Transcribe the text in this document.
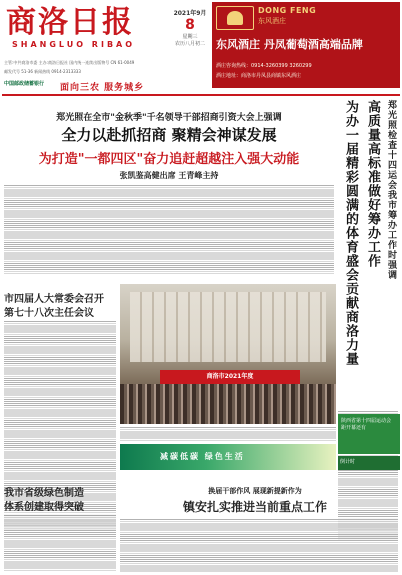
商洛日报
SHANGLUO RIBAO
2021年9月
8
星期三
农历八月初二
DONG FENG
东风酒庄
东风酒庄 丹凤葡萄酒高端品牌
酒庄咨询热线：0914-3260399 3260299
酒庄地址：商洛市丹凤县商镇东风酒庄
主管:中共商洛市委 主办:商洛日报社 国内统一连续出版物号 CN 61-0049
邮发代号 51-36 新闻热线 0914-2313333
中国邮政储蓄银行	面向三农 服务城乡
郑光照在全市"金秋季"千名领导干部招商引资大会上强调
全力以赴抓招商 聚精会神谋发展
为打造"一都四区"奋力追赶超越注入强大动能
张凯鉴高健出席 王青峰主持	郑光照检查十四运会我市筹办工作时强调
高质量高标准做好筹办工作
为办一届精彩圆满的体育盛会贡献商洛力量
市四届人大常委会召开
第七十八次主任会议
商洛市2021年度
减碳低碳 绿色生活
陕西省第十四届运动会
距开幕还有
倒计时
我市省级绿色制造
体系创建取得突破
换届干部作风 展现新提新作为
镇安扎实推进当前重点工作
